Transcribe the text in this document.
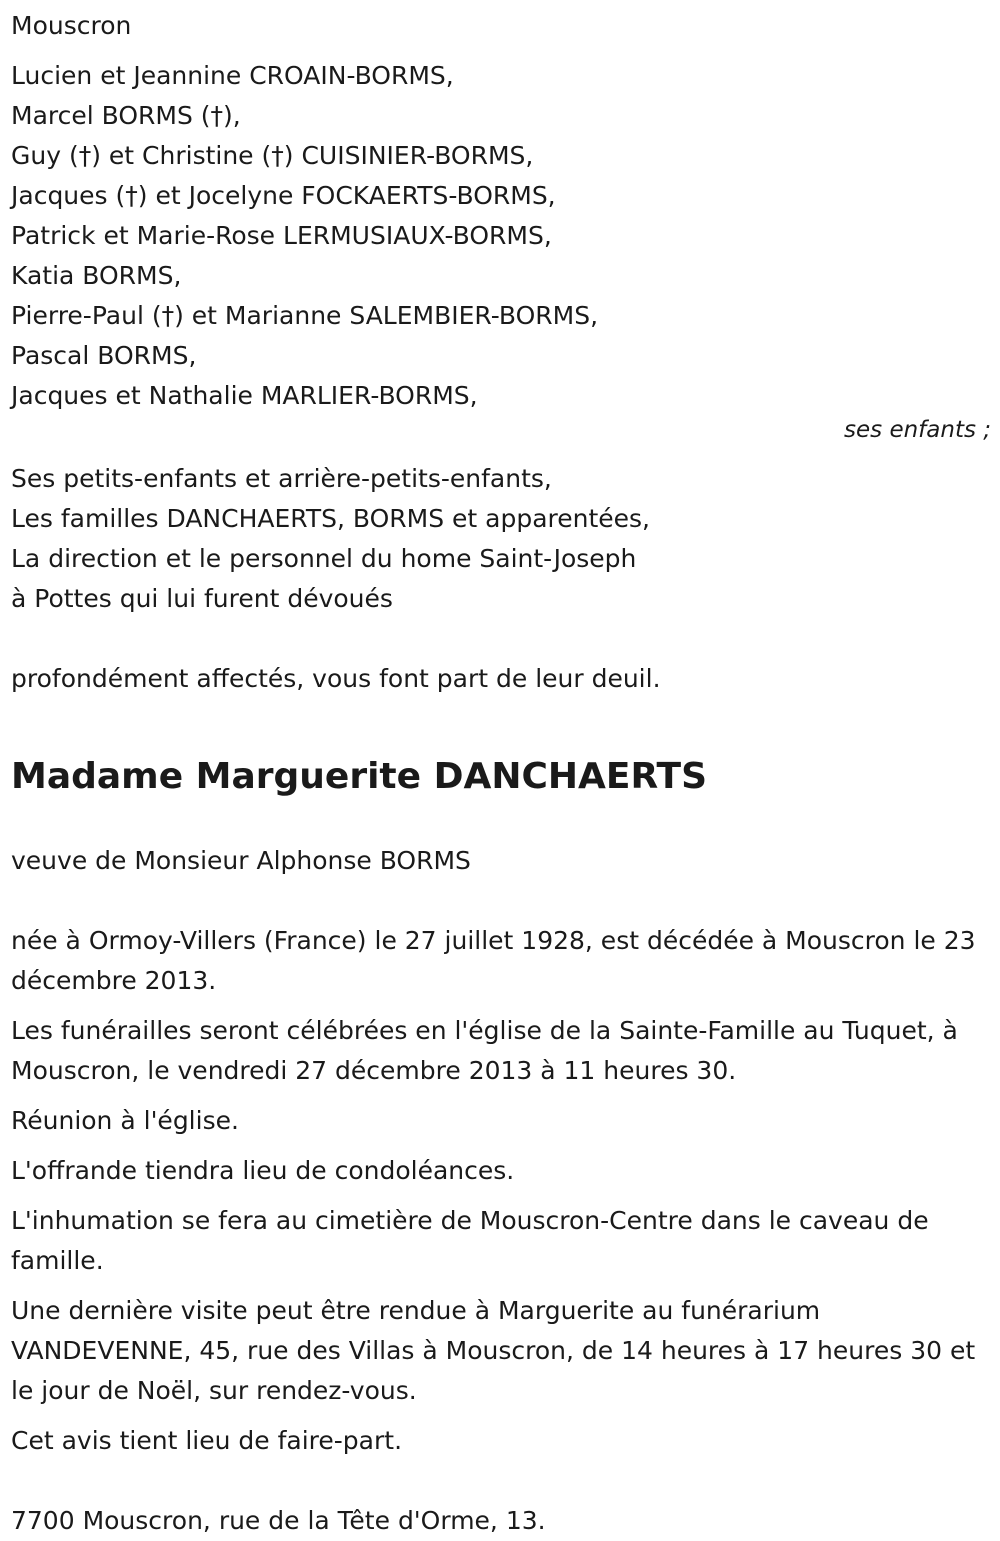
Mouscron
Lucien et Jeannine CROAIN-BORMS,
Marcel BORMS (†),
Guy (†) et Christine (†) CUISINIER-BORMS,
Jacques (†) et Jocelyne FOCKAERTS-BORMS,
Patrick et Marie-Rose LERMUSIAUX-BORMS,
Katia BORMS,
Pierre-Paul (†) et Marianne SALEMBIER-BORMS,
Pascal BORMS,
Jacques et Nathalie MARLIER-BORMS,
ses enfants ;
Ses petits-enfants et arrière-petits-enfants,
Les familles DANCHAERTS, BORMS et apparentées,
La direction et le personnel du home Saint-Joseph
à Pottes qui lui furent dévoués
profondément affectés, vous font part de leur deuil.
Madame Marguerite DANCHAERTS
veuve de Monsieur Alphonse BORMS
née à Ormoy-Villers (France) le 27 juillet 1928, est décédée à Mouscron le 23 décembre 2013.
Les funérailles seront célébrées en l'église de la Sainte-Famille au Tuquet, à Mouscron, le vendredi 27 décembre 2013 à 11 heures 30.
Réunion à l'église.
L'offrande tiendra lieu de condoléances.
L'inhumation se fera au cimetière de Mouscron-Centre dans le caveau de famille.
Une dernière visite peut être rendue à Marguerite au funérarium VANDEVENNE, 45, rue des Villas à Mouscron, de 14 heures à 17 heures 30 et le jour de Noël, sur rendez-vous.
Cet avis tient lieu de faire-part.
7700 Mouscron, rue de la Tête d'Orme, 13.
